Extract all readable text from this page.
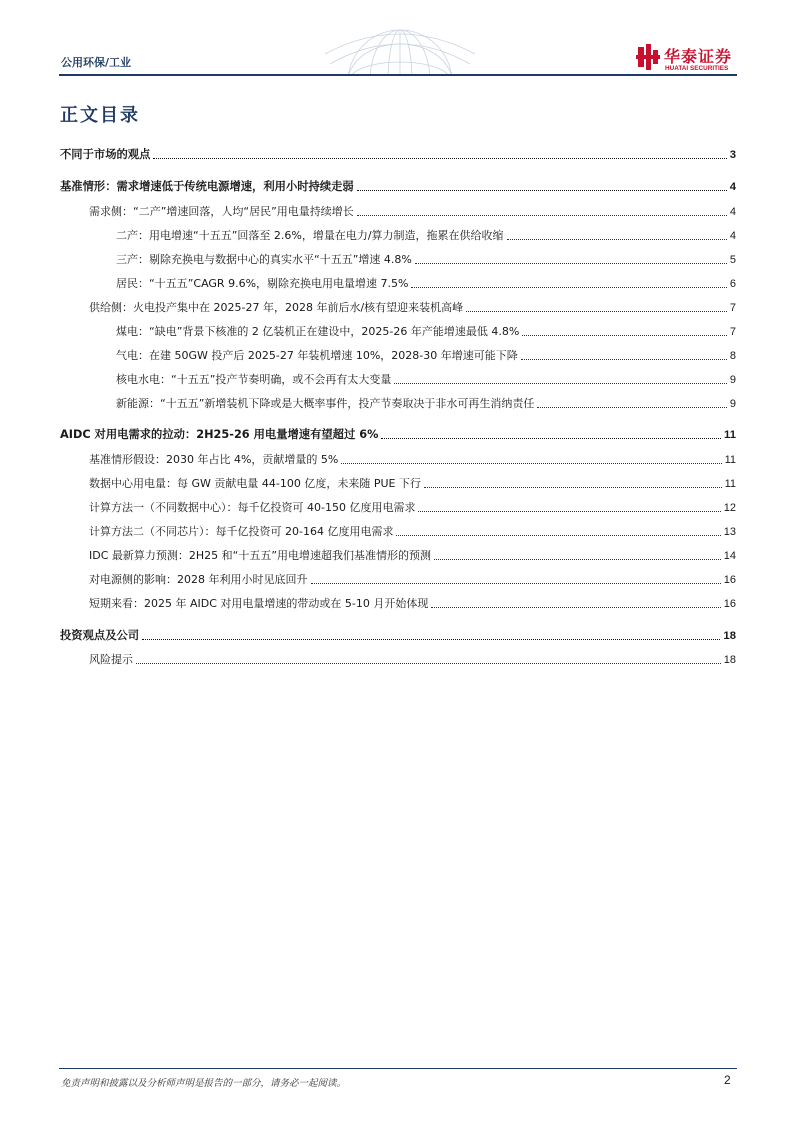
公用环保/工业	华泰证券
HUATAI SECURITIES
正文目录
不同于市场的观点	3
基准情形：需求增速低于传统电源增速，利用小时持续走弱	4
需求侧：“二产”增速回落，人均“居民”用电量持续增长	4
二产：用电增速“十五五”回落至 2.6%，增量在电力/算力制造，拖累在供给收缩	4
三产：剔除充换电与数据中心的真实水平“十五五”增速 4.8%	5
居民：“十五五”CAGR 9.6%，剔除充换电用电量增速 7.5%	6
供给侧：火电投产集中在 2025-27 年，2028 年前后水/核有望迎来装机高峰	7
煤电：“缺电”背景下核准的 2 亿装机正在建设中，2025-26 年产能增速最低 4.8%	7
气电：在建 50GW 投产后 2025-27 年装机增速 10%，2028-30 年增速可能下降	8
核电水电：“十五五”投产节奏明确，或不会再有太大变量	9
新能源：“十五五”新增装机下降或是大概率事件，投产节奏取决于非水可再生消纳责任	9
AIDC 对用电需求的拉动：2H25-26 用电量增速有望超过 6%	11
基准情形假设：2030 年占比 4%，贡献增量的 5%	11
数据中心用电量：每 GW 贡献电量 44-100 亿度，未来随 PUE 下行	11
计算方法一（不同数据中心）：每千亿投资可 40-150 亿度用电需求	12
计算方法二（不同芯片）：每千亿投资可 20-164 亿度用电需求	13
IDC 最新算力预测：2H25 和“十五五”用电增速超我们基准情形的预测	14
对电源侧的影响：2028 年利用小时见底回升	16
短期来看：2025 年 AIDC 对用电量增速的带动或在 5-10 月开始体现	16
投资观点及公司	18
风险提示	18
免责声明和披露以及分析师声明是报告的一部分，请务必一起阅读。	2
